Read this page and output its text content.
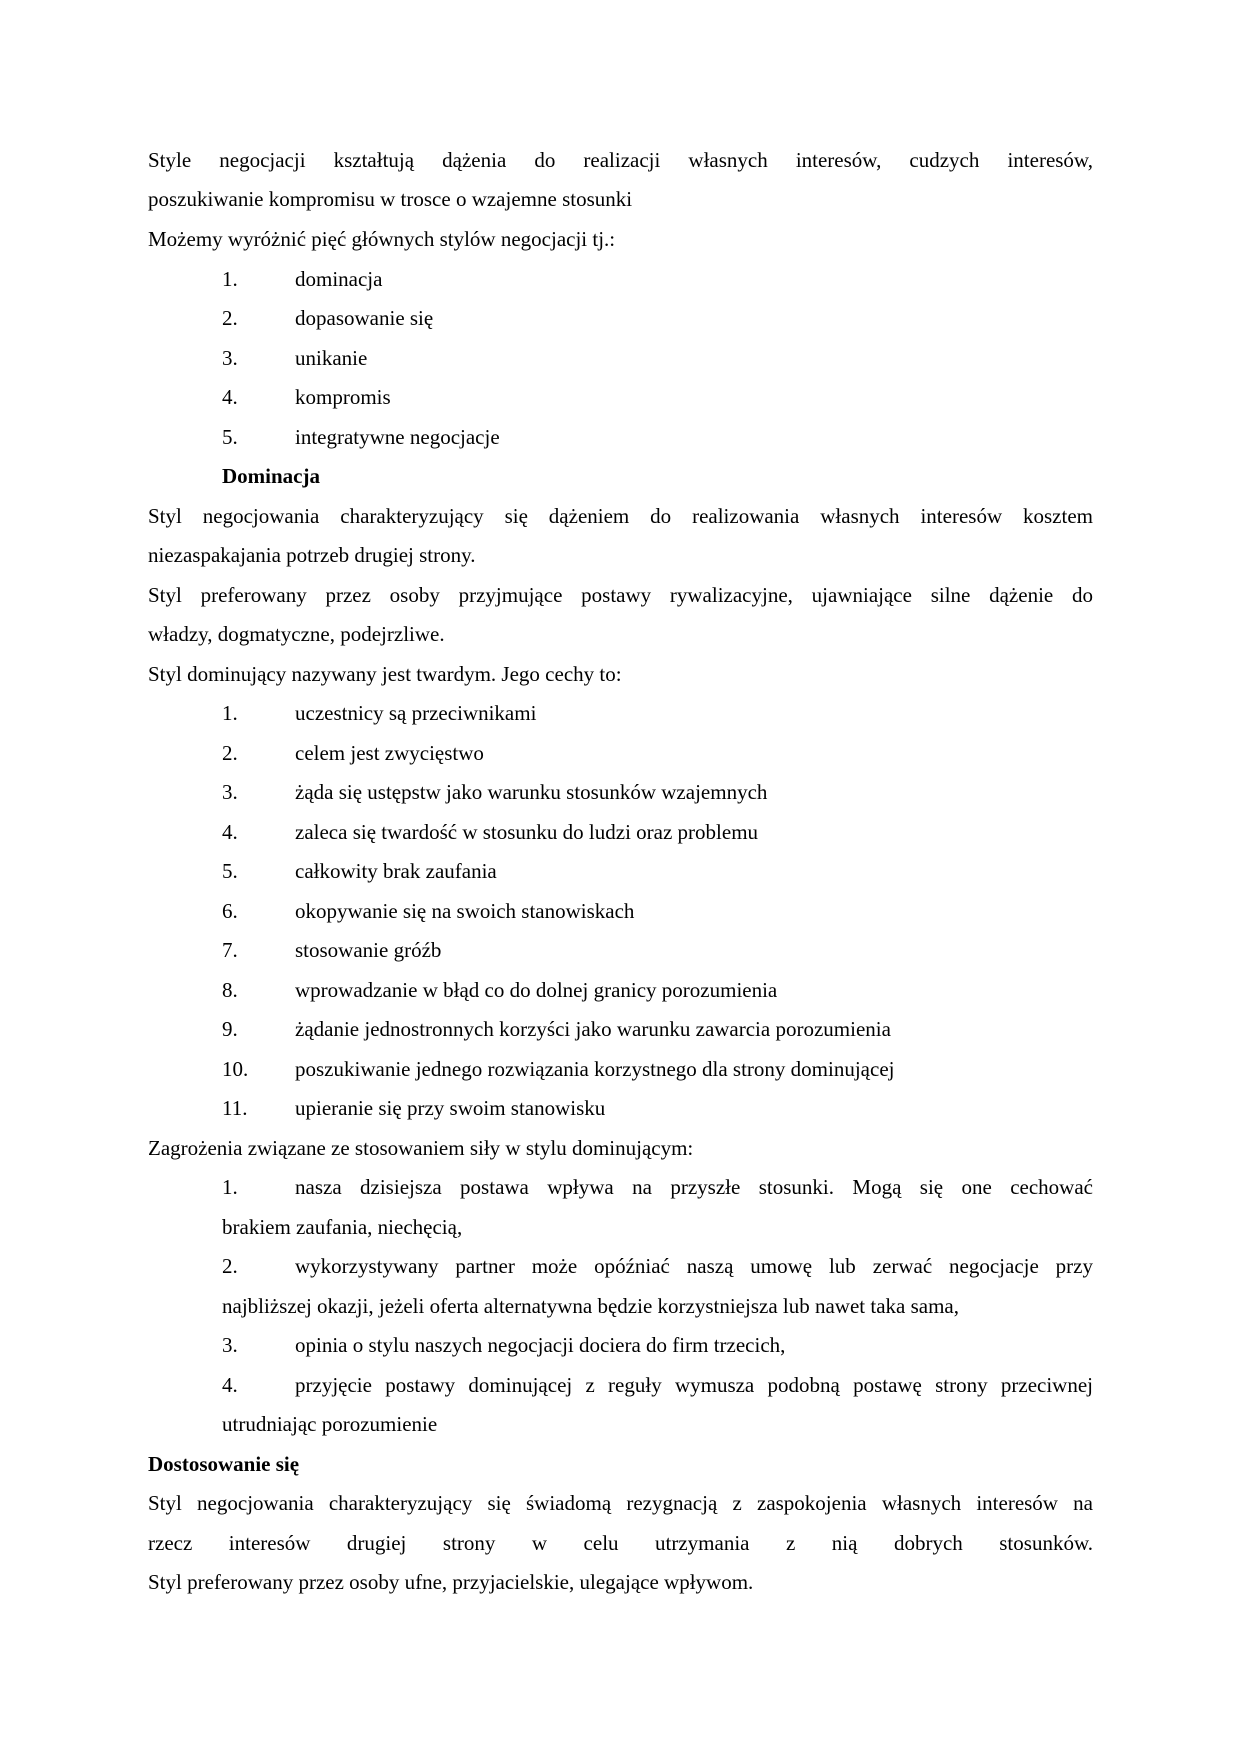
Style negocjacji kształtują dążenia do realizacji własnych interesów, cudzych interesów,
poszukiwanie kompromisu w trosce o wzajemne stosunki
Możemy wyróżnić pięć głównych stylów negocjacji tj.:
1.	dominacja
2.	dopasowanie się
3.	unikanie
4.	kompromis
5.	integratywne negocjacje
Dominacja
Styl negocjowania charakteryzujący się dążeniem do realizowania własnych interesów kosztem
niezaspakajania potrzeb drugiej strony.
Styl preferowany przez osoby przyjmujące postawy rywalizacyjne, ujawniające silne dążenie do
władzy, dogmatyczne, podejrzliwe.
Styl dominujący nazywany jest twardym. Jego cechy to:
1.	uczestnicy są przeciwnikami
2.	celem jest zwycięstwo
3.	żąda się ustępstw jako warunku stosunków wzajemnych
4.	zaleca się twardość w stosunku do ludzi oraz problemu
5.	całkowity brak zaufania
6.	okopywanie się na swoich stanowiskach
7.	stosowanie gróźb
8.	wprowadzanie w błąd co do dolnej granicy porozumienia
9.	żądanie jednostronnych korzyści jako warunku zawarcia porozumienia
10. poszukiwanie jednego rozwiązania korzystnego dla strony dominującej
11. upieranie się przy swoim stanowisku
Zagrożenia związane ze stosowaniem siły w stylu dominującym:
1.	nasza dzisiejsza postawa wpływa na przyszłe stosunki. Mogą się one cechować
brakiem zaufania, niechęcią,
2.	wykorzystywany partner może opóźniać naszą umowę lub zerwać negocjacje przy
najbliższej okazji, jeżeli oferta alternatywna będzie korzystniejsza lub nawet taka sama,
3.	opinia o stylu naszych negocjacji dociera do firm trzecich,
4.	przyjęcie postawy dominującej z reguły wymusza podobną postawę strony przeciwnej
utrudniając porozumienie
Dostosowanie się
Styl negocjowania charakteryzujący się świadomą rezygnacją z zaspokojenia własnych interesów na
rzecz interesów drugiej strony w celu utrzymania z nią dobrych stosunków.
Styl preferowany przez osoby ufne, przyjacielskie, ulegające wpływom.
